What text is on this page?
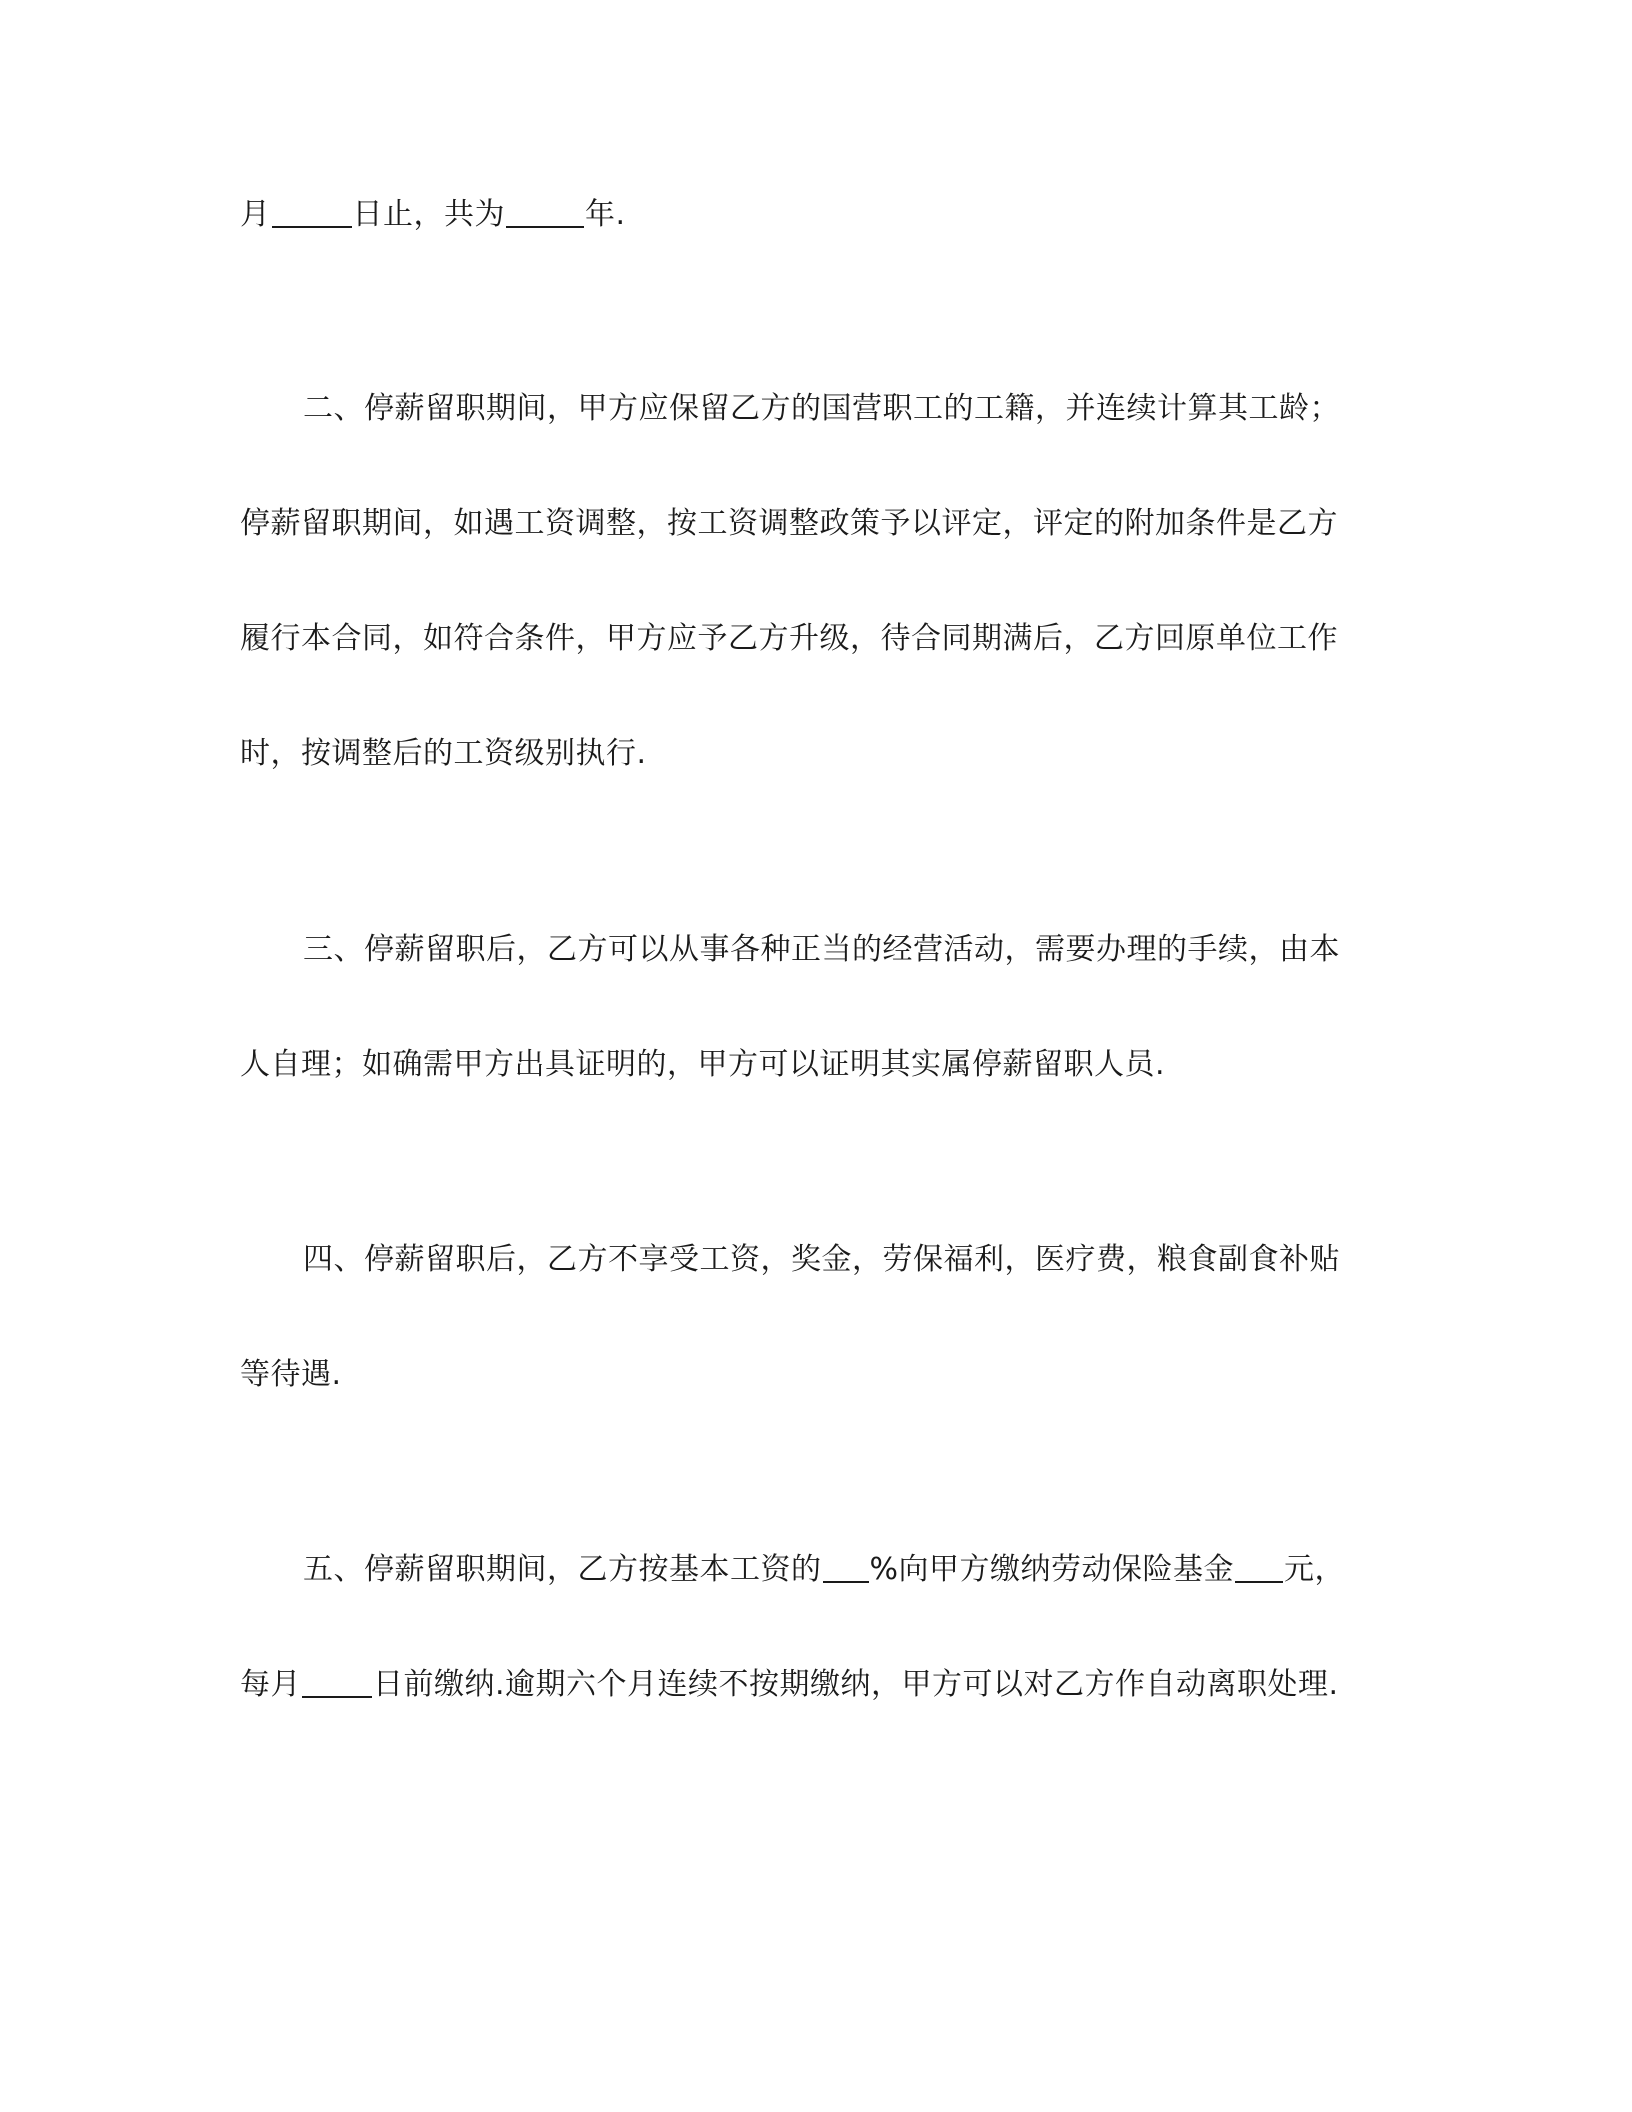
月	日止，共为	年.
二、停薪留职期间，甲方应保留乙方的国营职工的工籍，并连续计算其工龄；
停薪留职期间，如遇工资调整，按工资调整政策予以评定，评定的附加条件是乙方
履行本合同，如符合条件，甲方应予乙方升级，待合同期满后，乙方回原单位工作
时，按调整后的工资级别执行.
三、停薪留职后，乙方可以从事各种正当的经营活动，需要办理的手续，由本
人自理；如确需甲方出具证明的，甲方可以证明其实属停薪留职人员.
四、停薪留职后，乙方不享受工资，奖金，劳保福利，医疗费，粮食副食补贴
等待遇.
五、停薪留职期间，乙方按基本工资的 %向甲方缴纳劳动保险基金 元，
每月 日前缴纳.逾期六个月连续不按期缴纳，甲方可以对乙方作自动离职处理.
